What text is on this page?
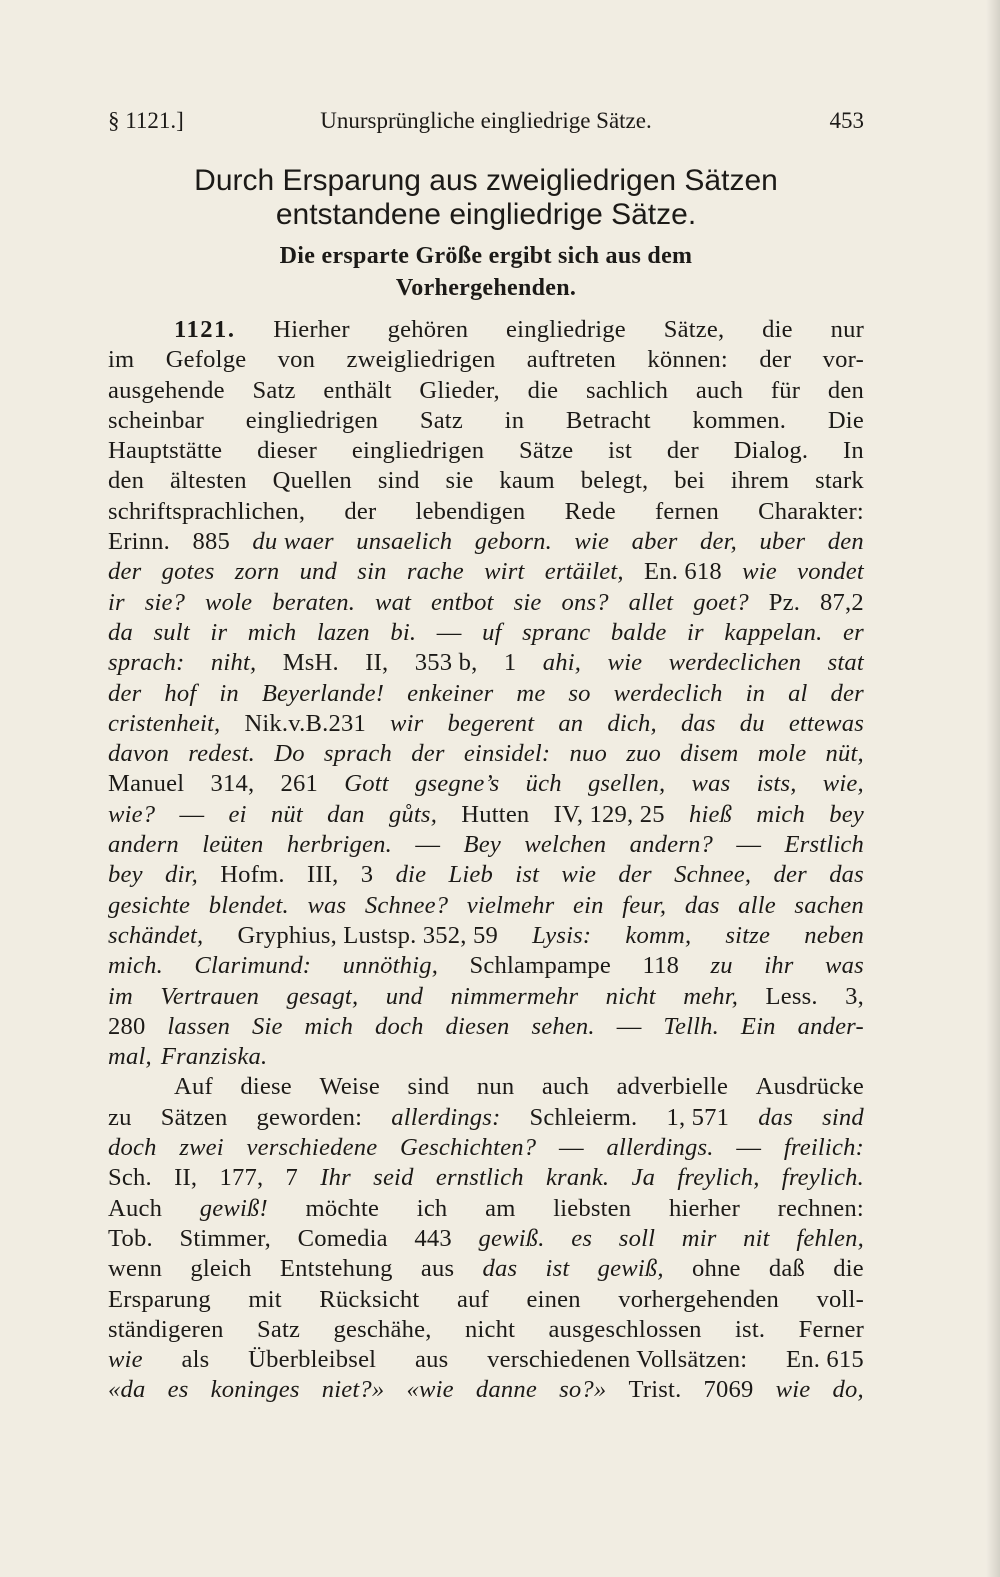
§ 1121.]	Unursprüngliche eingliedrige Sätze.	453
Durch Ersparung aus zweigliedrigen Sätzen
entstandene eingliedrige Sätze.
Die ersparte Größe ergibt sich aus dem
Vorhergehenden.
1121. Hierher gehören eingliedrige Sätze, die nur
im Gefolge von zweigliedrigen auftreten können: der vor-
ausgehende Satz enthält Glieder, die sachlich auch für den
scheinbar eingliedrigen Satz in Betracht kommen. Die
Hauptstätte dieser eingliedrigen Sätze ist der Dialog. In
den ältesten Quellen sind sie kaum belegt, bei ihrem stark
schriftsprachlichen, der lebendigen Rede fernen Charakter:
Erinn. 885 du waer unsaelich geborn. wie aber der, uber den
der gotes zorn und sin rache wirt ertäilet, En. 618 wie vondet
ir sie? wole beraten. wat entbot sie ons? allet goet? Pz. 87,2
da sult ir mich lazen bi. — uf spranc balde ir kappelan. er
sprach: niht, MsH. II, 353 b, 1 ahi, wie werdeclichen stat
der hof in Beyerlande! enkeiner me so werdeclich in al der
cristenheit, Nik.v.B.231 wir begerent an dich, das du ettewas
davon redest. Do sprach der einsidel: nuo zuo disem mole nüt,
Manuel 314, 261 Gott gsegne’s üch gsellen, was ists, wie,
wie? — ei nüt dan gůts, Hutten IV, 129, 25 hieß mich bey
andern leüten herbrigen. — Bey welchen andern? — Erstlich
bey dir, Hofm. III, 3 die Lieb ist wie der Schnee, der das
gesichte blendet. was Schnee? vielmehr ein feur, das alle sachen
schändet, Gryphius, Lustsp. 352, 59 Lysis: komm, sitze neben
mich. Clarimund: unnöthig, Schlampampe 118 zu ihr was
im Vertrauen gesagt, und nimmermehr nicht mehr, Less. 3,
280 lassen Sie mich doch diesen sehen. — Tellh. Ein ander-
mal, Franziska.
Auf diese Weise sind nun auch adverbielle Ausdrücke
zu Sätzen geworden: allerdings: Schleierm. 1, 571 das sind
doch zwei verschiedene Geschichten? — allerdings. — freilich:
Sch. II, 177, 7 Ihr seid ernstlich krank. Ja freylich, freylich.
Auch gewiß! möchte ich am liebsten hierher rechnen:
Tob. Stimmer, Comedia 443 gewiß. es soll mir nit fehlen,
wenn gleich Entstehung aus das ist gewiß, ohne daß die
Ersparung mit Rücksicht auf einen vorhergehenden voll-
ständigeren Satz geschähe, nicht ausgeschlossen ist. Ferner
wie als Überbleibsel aus verschiedenen Vollsätzen: En. 615
«da es koninges niet?» «wie danne so?» Trist. 7069 wie do,
